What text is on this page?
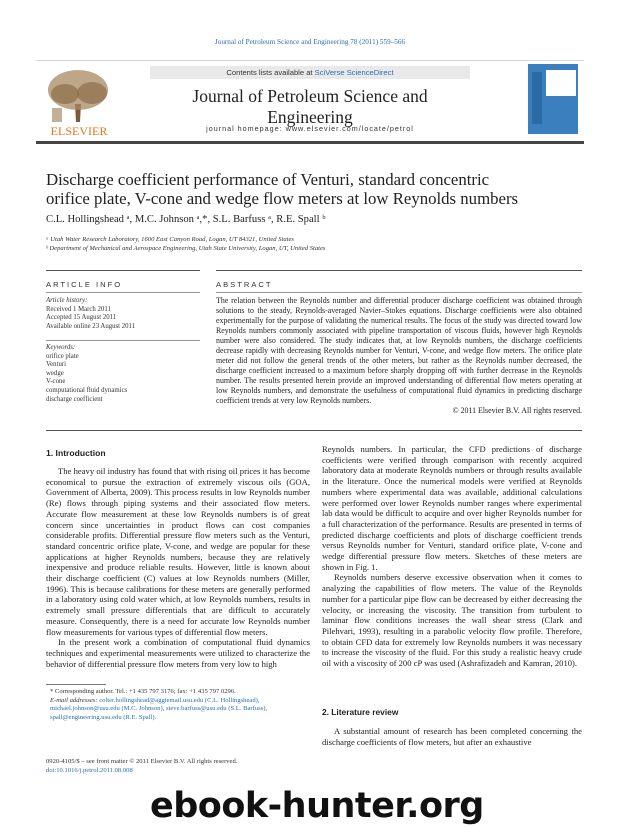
Journal of Petroleum Science and Engineering 78 (2011) 559–566
ELSEVIER
Contents lists available at SciVerse ScienceDirect
Journal of Petroleum Science and Engineering
journal homepage: www.elsevier.com/locate/petrol
Discharge coefficient performance of Venturi, standard concentric
orifice plate, V-cone and wedge flow meters at low Reynolds numbers
C.L. Hollingshead ᵃ, M.C. Johnson ᵃ,*, S.L. Barfuss ᵃ, R.E. Spall ᵇ
ᵃ Utah Water Research Laboratory, 1600 East Canyon Road, Logan, UT 84321, United States
ᵇ Department of Mechanical and Aerospace Engineering, Utah State University, Logan, UT, United States
ARTICLE INFO
Article history:
Received 1 March 2011
Accepted 15 August 2011
Available online 23 August 2011
Keywords:
orifice plate
Venturi
wedge
V-cone
computational fluid dynamics
discharge coefficient
ABSTRACT
The relation between the Reynolds number and differential producer discharge coefficient was obtained through solutions to the steady, Reynolds-averaged Navier–Stokes equations. Discharge coefficients were also obtained experimentally for the purpose of validating the numerical results. The focus of the study was directed toward low Reynolds numbers commonly associated with pipeline transportation of viscous fluids, however high Reynolds number were also considered. The study indicates that, at low Reynolds numbers, the discharge coefficients decrease rapidly with decreasing Reynolds number for Venturi, V-cone, and wedge flow meters. The orifice plate meter did not follow the general trends of the other meters, but rather as the Reynolds number decreased, the discharge coefficient increased to a maximum before sharply dropping off with further decrease in the Reynolds number. The results presented herein provide an improved understanding of differential flow meters operating at low Reynolds numbers, and demonstrate the usefulness of computational fluid dynamics in predicting discharge coefficient trends at very low Reynolds numbers.
© 2011 Elsevier B.V. All rights reserved.
1. Introduction

The heavy oil industry has found that with rising oil prices it has become economical to pursue the extraction of extremely viscous oils (GOA, Government of Alberta, 2009). This process results in low Reynolds number (Re) flows through piping systems and their associated flow meters. Accurate flow measurement at these low Reynolds numbers is of great concern since uncertainties in product flows can cost companies considerable profits. Differential pressure flow meters such as the Venturi, standard concentric orifice plate, V-cone, and wedge are popular for these applications at higher Reynolds numbers, because they are relatively inexpensive and produce reliable results. However, little is known about their discharge coefficient (C) values at low Reynolds numbers (Miller, 1996). This is because calibrations for these meters are generally performed in a laboratory using cold water which, at low Reynolds numbers, results in extremely small pressure differentials that are difficult to accurately measure. Consequently, there is a need for accurate low Reynolds number flow measurements for various types of differential flow meters.

In the present work a combination of computational fluid dynamics techniques and experimental measurements were utilized to characterize the behavior of differential pressure flow meters from very low to high

Reynolds numbers. In particular, the CFD predictions of discharge coefficients were verified through comparison with recently acquired laboratory data at moderate Reynolds numbers or through results available in the literature. Once the numerical models were verified at Reynolds numbers where experimental data was available, additional calculations were performed over lower Reynolds number ranges where experimental lab data would be difficult to acquire and over higher Reynolds number for a full characterization of the performance. Results are presented in terms of predicted discharge coefficients and plots of discharge coefficient trends versus Reynolds number for Venturi, standard orifice plate, V-cone and wedge differential pressure flow meters. Sketches of these meters are shown in Fig. 1.

Reynolds numbers deserve excessive observation when it comes to analyzing the capabilities of flow meters. The value of the Reynolds number for a particular pipe flow can be decreased by either decreasing the velocity, or increasing the viscosity. The transition from turbulent to laminar flow conditions increases the wall shear stress (Clark and Pilehvari, 1993), resulting in a parabolic velocity flow profile. Therefore, to obtain CFD data for extremely low Reynolds numbers it was necessary to increase the viscosity of the fluid. For this study a realistic heavy crude oil with a viscosity of 200 cP was used (Ashrafizadeh and Kamran, 2010).

2. Literature review

A substantial amount of research has been completed concerning the discharge coefficients of flow meters, but after an exhaustive

* Corresponding author. Tel.: +1 435 797 3176; fax: +1 435 797 0296.
E-mail addresses: colter.hollingshead@aggiemail.usu.edu (C.L. Hollingshead),
michael.johnson@usu.edu (M.C. Johnson), steve.barfuss@usu.edu (S.L. Barfuss),
spall@engineering.usu.edu (R.E. Spall).
0920-4105/$ – see front matter © 2011 Elsevier B.V. All rights reserved.
doi:10.1016/j.petrol.2011.08.008
ebook-hunter.org
